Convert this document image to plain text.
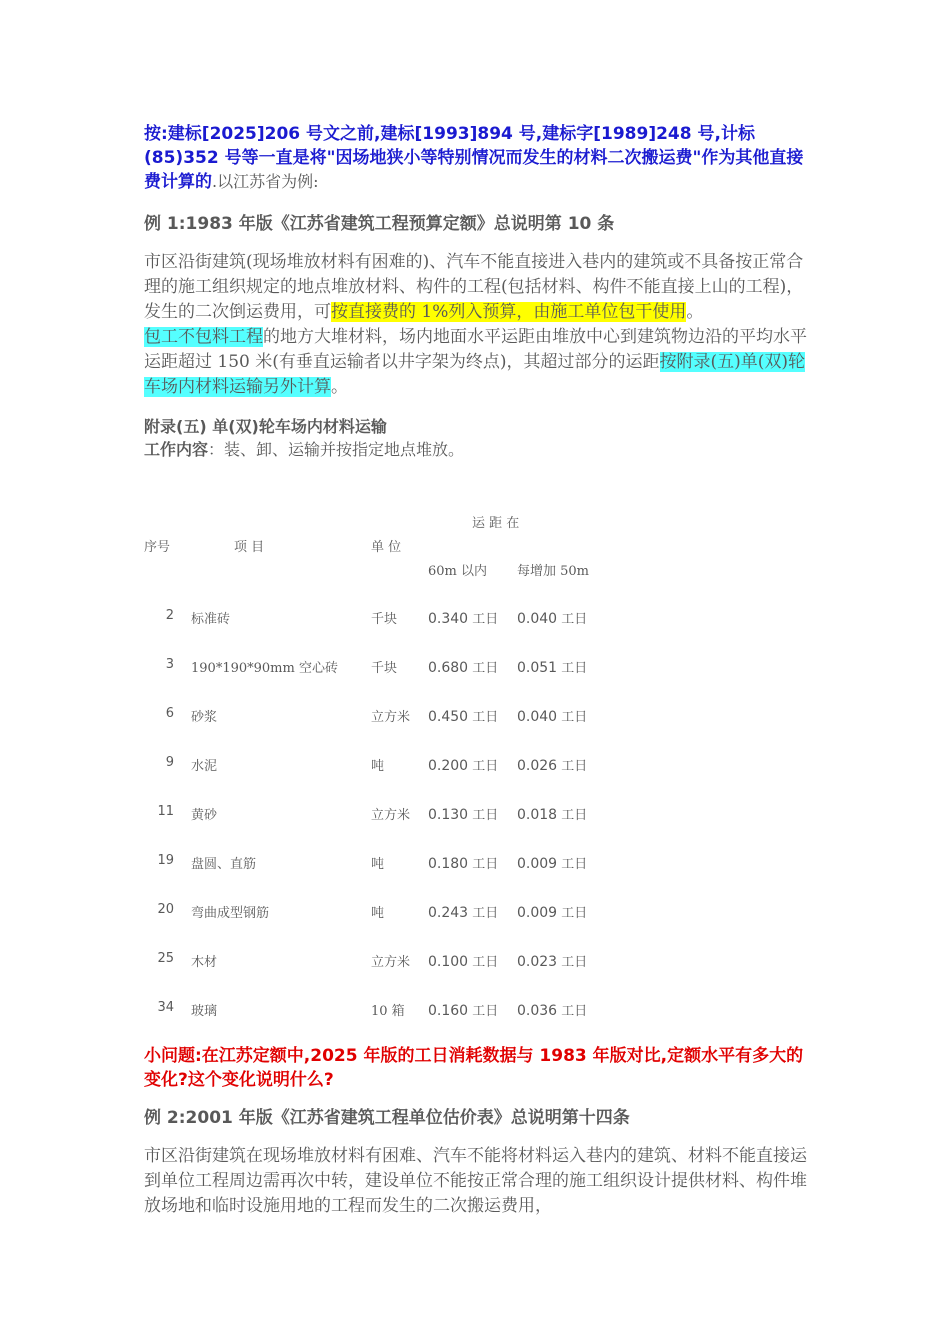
按:建标[2025]206 号文之前,建标[1993]894 号,建标字[1989]248 号,计标(85)352 号等一直是将"因场地狭小等特别情况而发生的材料二次搬运费"作为其他直接费计算的.以江苏省为例:

例 1:1983 年版《江苏省建筑工程预算定额》总说明第 10 条

市区沿街建筑(现场堆放材料有困难的)、汽车不能直接进入巷内的建筑或不具备按正常合理的施工组织规定的地点堆放材料、构件的工程(包括材料、构件不能直接上山的工程)，发生的二次倒运费用，可按直接费的 1%列入预算，由施工单位包干使用。

包工不包料工程的地方大堆材料，场内地面水平运距由堆放中心到建筑物边沿的平均水平运距超过 150 米(有垂直运输者以井字架为终点)，其超过部分的运距按附录(五)单(双)轮车场内材料运输另外计算。

附录(五) 单(双)轮车场内材料运输

工作内容：装、卸、运输并按指定地点堆放。

运 距 在
序号	项 目	单 位
60m 以内 每增加 50m
2 标准砖	千块 0.340 工日 0.040 工日
3 190*190*90mm 空心砖	千块 0.680 工日 0.051 工日
6 砂浆	立方米 0.450 工日 0.040 工日
9 水泥	吨	0.200 工日 0.026 工日
11 黄砂	立方米 0.130 工日 0.018 工日
19 盘圆、直筋	吨	0.180 工日 0.009 工日
20 弯曲成型钢筋	吨	0.243 工日 0.009 工日
25 木材	立方米 0.100 工日 0.023 工日
34 玻璃	10 箱 0.160 工日 0.036 工日

小问题:在江苏定额中,2025 年版的工日消耗数据与 1983 年版对比,定额水平有多大的变化?这个变化说明什么?

例 2:2001 年版《江苏省建筑工程单位估价表》总说明第十四条

市区沿街建筑在现场堆放材料有困难、汽车不能将材料运入巷内的建筑、材料不能直接运到单位工程周边需再次中转，建设单位不能按正常合理的施工组织设计提供材料、构件堆放场地和临时设施用地的工程而发生的二次搬运费用，
